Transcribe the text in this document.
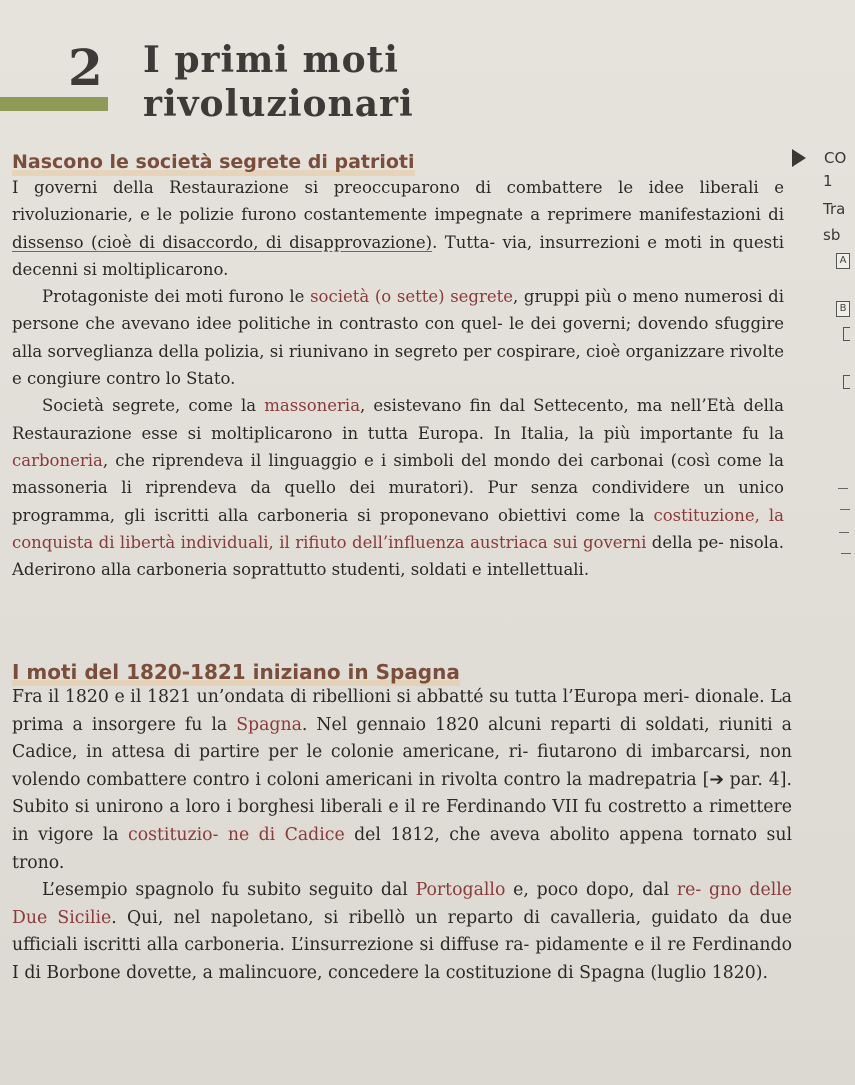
2 I primi moti rivoluzionari
Nascono le società segrete di patrioti

I governi della Restaurazione si preoccuparono di combattere le idee liberali e rivoluzionarie, e le polizie furono costantemente impegnate a reprimere manifestazioni di dissenso (cioè di disaccordo, di disapprovazione). Tutta- via, insurrezioni e moti in questi decenni si moltiplicarono.

Protagoniste dei moti furono le società (o sette) segrete, gruppi più o meno numerosi di persone che avevano idee politiche in contrasto con quel- le dei governi; dovendo sfuggire alla sorveglianza della polizia, si riunivano in segreto per cospirare, cioè organizzare rivolte e congiure contro lo Stato.

Società segrete, come la massoneria, esistevano fin dal Settecento, ma nell’Età della Restaurazione esse si moltiplicarono in tutta Europa. In Italia, la più importante fu la carboneria, che riprendeva il linguaggio e i simboli del mondo dei carbonai (così come la massoneria li riprendeva da quello dei muratori). Pur senza condividere un unico programma, gli iscritti alla carboneria si proponevano obiettivi come la costituzione, la conquista di libertà individuali, il rifiuto dell’influenza austriaca sui governi della pe- nisola. Aderirono alla carboneria soprattutto studenti, soldati e intellettuali.

I moti del 1820-1821 iniziano in Spagna

Fra il 1820 e il 1821 un’ondata di ribellioni si abbatté su tutta l’Europa meri- dionale. La prima a insorgere fu la Spagna. Nel gennaio 1820 alcuni reparti di soldati, riuniti a Cadice, in attesa di partire per le colonie americane, ri- fiutarono di imbarcarsi, non volendo combattere contro i coloni americani in rivolta contro la madrepatria [➔ par. 4]. Subito si unirono a loro i borghesi liberali e il re Ferdinando VII fu costretto a rimettere in vigore la costituzio- ne di Cadice del 1812, che aveva abolito appena tornato sul trono.

L’esempio spagnolo fu subito seguito dal Portogallo e, poco dopo, dal re- gno delle Due Sicilie. Qui, nel napoletano, si ribellò un reparto di cavalleria, guidato da due ufficiali iscritti alla carboneria. L’insurrezione si diffuse ra- pidamente e il re Ferdinando I di Borbone dovette, a malincuore, concedere la costituzione di Spagna (luglio 1820).

CO
1
Tra
sb
A
B
